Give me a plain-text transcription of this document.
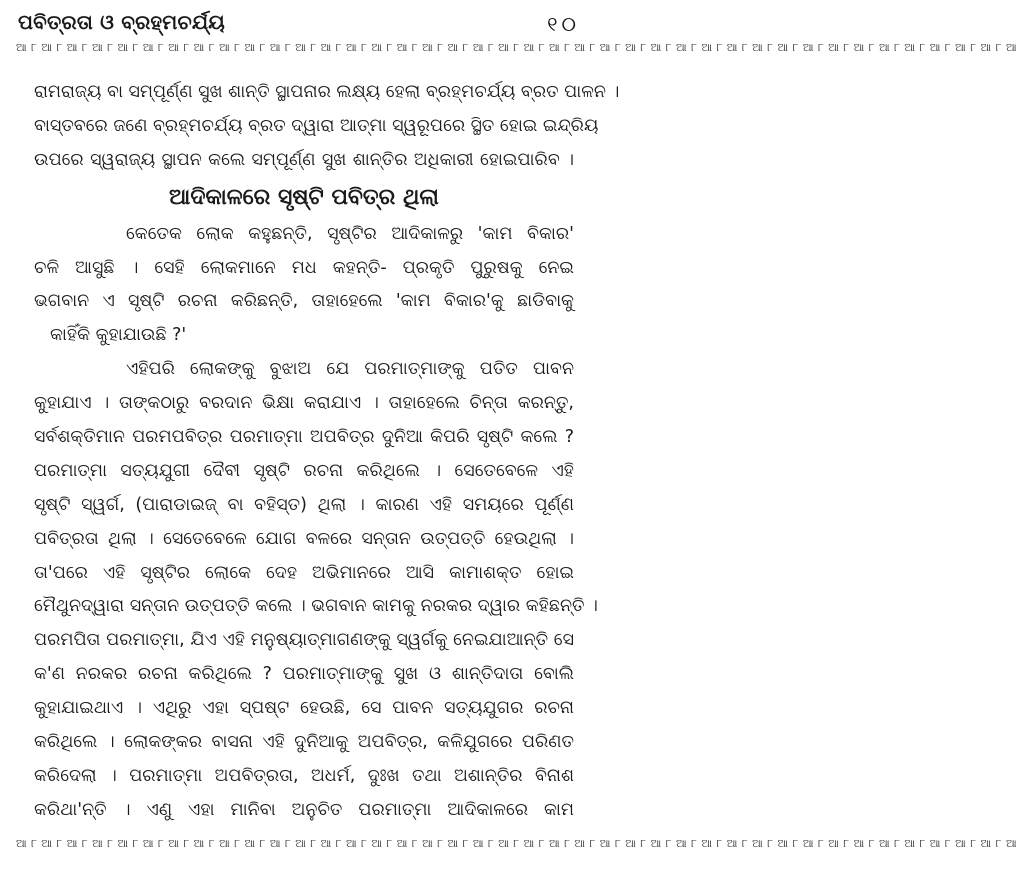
ପବିତ୍ରତା ଓ ବ୍ରହ୍ମଚର୍ଯ୍ୟ	୧୦
ଆ ୮ ଆ ୮ ଆ ୮ ଆ ୮ ଆ ୮ ଆ ୮ ଆ ୮ ଆ ୮ ଆ ୮ ଆ ୮ ଆ ୮ ଆ ୮ ଆ ୮ ଆ ୮ ଆ ୮ ଆ ୮ ଆ ୮ ଆ ୮ ଆ ୮ ଆ ୮ ଆ ୮ ଆ ୮ ଆ ୮ ଆ ୮ ଆ ୮ ଆ ୮ ଆ ୮ ଆ ୮ ଆ ୮ ଆ ୮ ଆ ୮ ଆ ୮ ଆ ୮ ଆ ୮ ଆ ୮ ଆ ୮ ଆ ୮ ଆ ୮ ଆ ୮ ଆ
ରାମରାଜ୍ୟ ବା ସମ୍ପୂର୍ଣ୍ଣ ସୁଖ ଶାନ୍ତି ସ୍ଥାପନାର ଲକ୍ଷ୍ୟ ହେଲା ବ୍ରହ୍ମଚର୍ଯ୍ୟ ବ୍ରତ ପାଳନ ।
ବାସ୍ତବରେ ଜଣେ ବ୍ରହ୍ମଚର୍ଯ୍ୟ ବ୍ରତ ଦ୍ୱାରା ଆତ୍ମା ସ୍ୱରୂପରେ ସ୍ଥିତ ହୋଇ ଇନ୍ଦ୍ରିୟ
ଉପରେ ସ୍ୱରାଜ୍ୟ ସ୍ଥାପନ କଲେ ସମ୍ପୂର୍ଣ୍ଣ ସୁଖ ଶାନ୍ତିର ଅଧିକାରୀ ହୋଇପାରିବ ।
ଆଦିକାଳରେ ସୃଷ୍ଟି ପବିତ୍ର ଥିଲା
କେତେକ ଲୋକ କହୁଛନ୍ତି, ସୃଷ୍ଟିର ଆଦିକାଳରୁ 'କାମ ବିକାର'
ଚଳି ଆସୁଛି । ସେହି ଲୋକମାନେ ମଧ କହନ୍ତି- ପ୍ରକୃତି ପୁରୁଷକୁ ନେଇ
ଭଗବାନ ଏ ସୃଷ୍ଟି ରଚନା କରିଛନ୍ତି, ତାହାହେଲେ 'କାମ ବିକାର'କୁ ଛାଡିବାକୁ
କାହିଁକି କୁହାଯାଉଛି ?'
ଏହିପରି ଲୋକଙ୍କୁ ବୁଝାଅ ଯେ ପରମାତ୍ମାଙ୍କୁ ପତିତ ପାବନ
କୁହାଯାଏ । ତାଙ୍କଠାରୁ ବରଦାନ ଭିକ୍ଷା କରାଯାଏ । ତାହାହେଲେ ଚିନ୍ତା କରନ୍ତୁ,
ସର୍ବଶକ୍ତିମାନ ପରମପବିତ୍ର ପରମାତ୍ମା ଅପବିତ୍ର ଦୁନିଆ କିପରି ସୃଷ୍ଟି କଲେ ?
ପରମାତ୍ମା ସତ୍ୟଯୁଗୀ ଦୈବୀ ସୃଷ୍ଟି ରଚନା କରିଥିଲେ । ସେତେବେଳେ ଏହି
ସୃଷ୍ଟି ସ୍ୱର୍ଗ, (ପାରାଡାଇଜ୍ ବା ବହିସ୍ତ) ଥିଲା । କାରଣ ଏହି ସମୟରେ ପୂର୍ଣ୍ଣ
ପବିତ୍ରତା ଥିଲା । ସେତେବେଳେ ଯୋଗ ବଳରେ ସନ୍ତାନ ଉତ୍ପତ୍ତି ହେଉଥିଲା ।
ତା'ପରେ ଏହି ସୃଷ୍ଟିର ଲୋକେ ଦେହ ଅଭିମାନରେ ଆସି କାମାଶକ୍ତ ହୋଇ
ମୈଥୁନଦ୍ୱାରା ସନ୍ତାନ ଉତ୍ପତ୍ତି କଲେ । ଭଗବାନ କାମକୁ ନରକର ଦ୍ୱାର କହିଛନ୍ତି ।
ପରମପିତା ପରମାତ୍ମା, ଯିଏ ଏହି ମନୁଷ୍ୟାତ୍ମାଗଣଙ୍କୁ ସ୍ୱର୍ଗକୁ ନେଇଯାଆନ୍ତି ସେ
କ'ଣ ନରକର ରଚନା କରିଥିଲେ ? ପରମାତ୍ମାଙ୍କୁ ସୁଖ ଓ ଶାନ୍ତିଦାତା ବୋଲି
କୁହାଯାଇଥାଏ । ଏଥିରୁ ଏହା ସ୍ପଷ୍ଟ ହେଉଛି, ସେ ପାବନ ସତ୍ୟଯୁଗର ରଚନା
କରିଥିଲେ । ଲୋକଙ୍କର ବାସନା ଏହି ଦୁନିଆକୁ ଅପବିତ୍ର, କଳିଯୁଗରେ ପରିଣତ
କରିଦେଲା । ପରମାତ୍ମା ଅପବିତ୍ରତା, ଅଧର୍ମ, ଦୁଃଖ ତଥା ଅଶାନ୍ତିର ବିନାଶ
କରିଥା'ନ୍ତି । ଏଣୁ ଏହା ମାନିବା ଅନୁଚିତ ପରମାତ୍ମା ଆଦିକାଳରେ କାମ
ଆ ୮ ଆ ୮ ଆ ୮ ଆ ୮ ଆ ୮ ଆ ୮ ଆ ୮ ଆ ୮ ଆ ୮ ଆ ୮ ଆ ୮ ଆ ୮ ଆ ୮ ଆ ୮ ଆ ୮ ଆ ୮ ଆ ୮ ଆ ୮ ଆ ୮ ଆ ୮ ଆ ୮ ଆ ୮ ଆ ୮ ଆ ୮ ଆ ୮ ଆ ୮ ଆ ୮ ଆ ୮ ଆ ୮ ଆ ୮ ଆ ୮ ଆ ୮ ଆ ୮ ଆ ୮ ଆ ୮ ଆ ୮ ଆ ୮ ଆ ୮ ଆ ୮ ଆ
